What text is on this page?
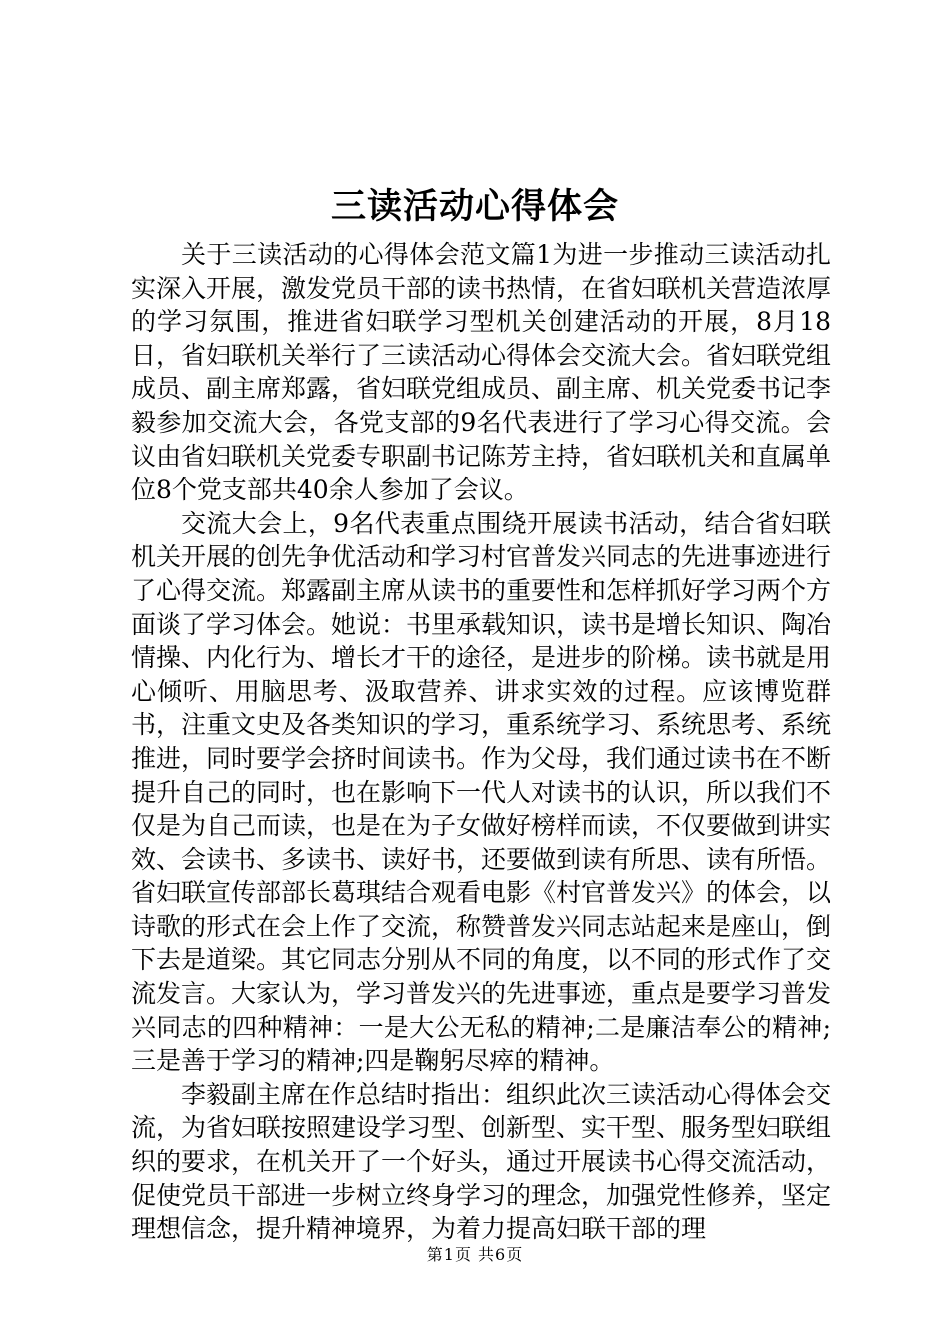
三读活动心得体会

关于三读活动的心得体会范文篇1为进一步推动三读活动扎实深入开展，激发党员干部的读书热情，在省妇联机关营造浓厚的学习氛围，推进省妇联学习型机关创建活动的开展，8月18日，省妇联机关举行了三读活动心得体会交流大会。省妇联党组成员、副主席郑露，省妇联党组成员、副主席、机关党委书记李毅参加交流大会，各党支部的9名代表进行了学习心得交流。会议由省妇联机关党委专职副书记陈芳主持，省妇联机关和直属单位8个党支部共40余人参加了会议。

交流大会上，9名代表重点围绕开展读书活动，结合省妇联机关开展的创先争优活动和学习村官普发兴同志的先进事迹进行了心得交流。郑露副主席从读书的重要性和怎样抓好学习两个方面谈了学习体会。她说：书里承载知识，读书是增长知识、陶冶情操、内化行为、增长才干的途径，是进步的阶梯。读书就是用心倾听、用脑思考、汲取营养、讲求实效的过程。应该博览群书，注重文史及各类知识的学习，重系统学习、系统思考、系统推进，同时要学会挤时间读书。作为父母，我们通过读书在不断提升自己的同时，也在影响下一代人对读书的认识，所以我们不仅是为自己而读，也是在为子女做好榜样而读，不仅要做到讲实效、会读书、多读书、读好书，还要做到读有所思、读有所悟。省妇联宣传部部长葛琪结合观看电影《村官普发兴》的体会，以诗歌的形式在会上作了交流，称赞普发兴同志站起来是座山，倒下去是道梁。其它同志分别从不同的角度，以不同的形式作了交流发言。大家认为，学习普发兴的先进事迹，重点是要学习普发兴同志的四种精神：一是大公无私的精神;二是廉洁奉公的精神;三是善于学习的精神;四是鞠躬尽瘁的精神。

李毅副主席在作总结时指出：组织此次三读活动心得体会交流，为省妇联按照建设学习型、创新型、实干型、服务型妇联组织的要求，在机关开了一个好头，通过开展读书心得交流活动，促使党员干部进一步树立终身学习的理念，加强党性修养，坚定理想信念，提升精神境界，为着力提高妇联干部的理

第1页 共6页
